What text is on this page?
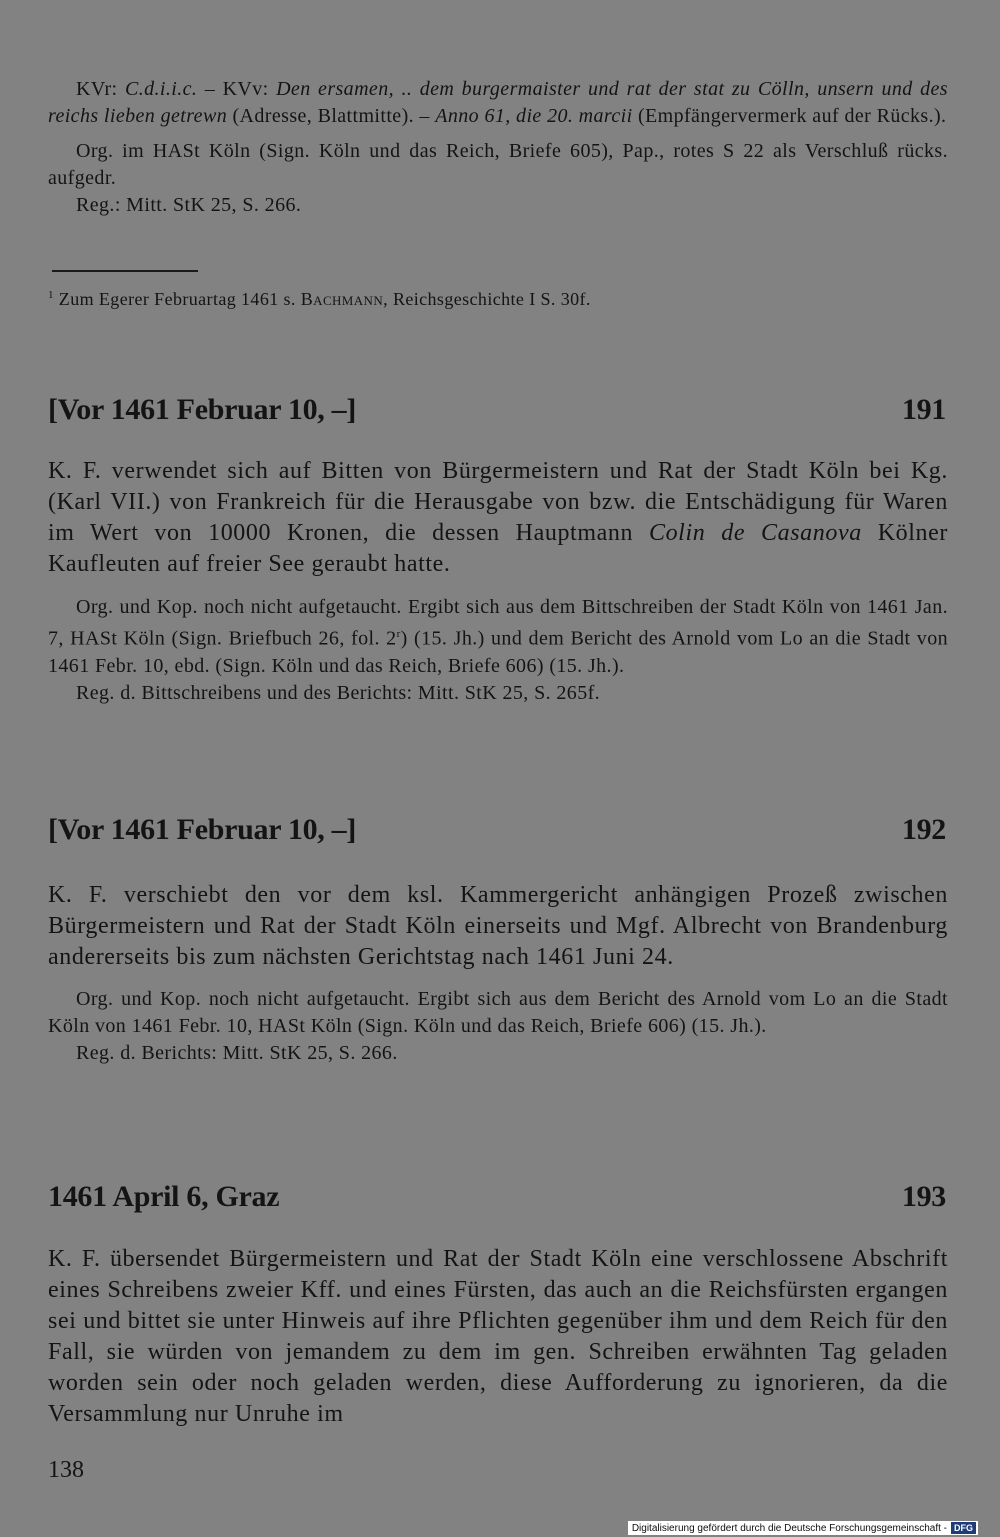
KVr: C.d.i.i.c. – KVv: Den ersamen, .. dem burgermaister und rat der stat zu Cölln, unsern und des reichs lieben getrewn (Adresse, Blattmitte). – Anno 61, die 20. marcii (Empfängervermerk auf der Rücks.).

Org. im HASt Köln (Sign. Köln und das Reich, Briefe 605), Pap., rotes S 22 als Verschluß rücks. aufgedr.

Reg.: Mitt. StK 25, S. 266.

$^1$ Zum Egerer Februartag 1461 s. Bachmann, Reichsgeschichte I S. 30f.

[Vor 1461 Februar 10, –]	191

K. F. verwendet sich auf Bitten von Bürgermeistern und Rat der Stadt Köln bei Kg. (Karl VII.) von Frankreich für die Herausgabe von bzw. die Entschädigung für Waren im Wert von 10000 Kronen, die dessen Hauptmann Colin de Casanova Kölner Kaufleuten auf freier See geraubt hatte.

Org. und Kop. noch nicht aufgetaucht. Ergibt sich aus dem Bittschreiben der Stadt Köln von 1461 Jan. 7, HASt Köln (Sign. Briefbuch 26, fol. 2$^r$) (15. Jh.) und dem Bericht des Arnold vom Lo an die Stadt von 1461 Febr. 10, ebd. (Sign. Köln und das Reich, Briefe 606) (15. Jh.).

Reg. d. Bittschreibens und des Berichts: Mitt. StK 25, S. 265f.

[Vor 1461 Februar 10, –]	192

K. F. verschiebt den vor dem ksl. Kammergericht anhängigen Prozeß zwischen Bürgermeistern und Rat der Stadt Köln einerseits und Mgf. Albrecht von Brandenburg andererseits bis zum nächsten Gerichtstag nach 1461 Juni 24.

Org. und Kop. noch nicht aufgetaucht. Ergibt sich aus dem Bericht des Arnold vom Lo an die Stadt Köln von 1461 Febr. 10, HASt Köln (Sign. Köln und das Reich, Briefe 606) (15. Jh.).

Reg. d. Berichts: Mitt. StK 25, S. 266.

1461 April 6, Graz	193

K. F. übersendet Bürgermeistern und Rat der Stadt Köln eine verschlossene Abschrift eines Schreibens zweier Kff. und eines Fürsten, das auch an die Reichsfürsten ergangen sei und bittet sie unter Hinweis auf ihre Pflichten gegenüber ihm und dem Reich für den Fall, sie würden von jemandem zu dem im gen. Schreiben erwähnten Tag geladen worden sein oder noch geladen werden, diese Aufforderung zu ignorieren, da die Versammlung nur Unruhe im

138
Digitalisierung gefördert durch die Deutsche Forschungsgemeinschaft - DFG
